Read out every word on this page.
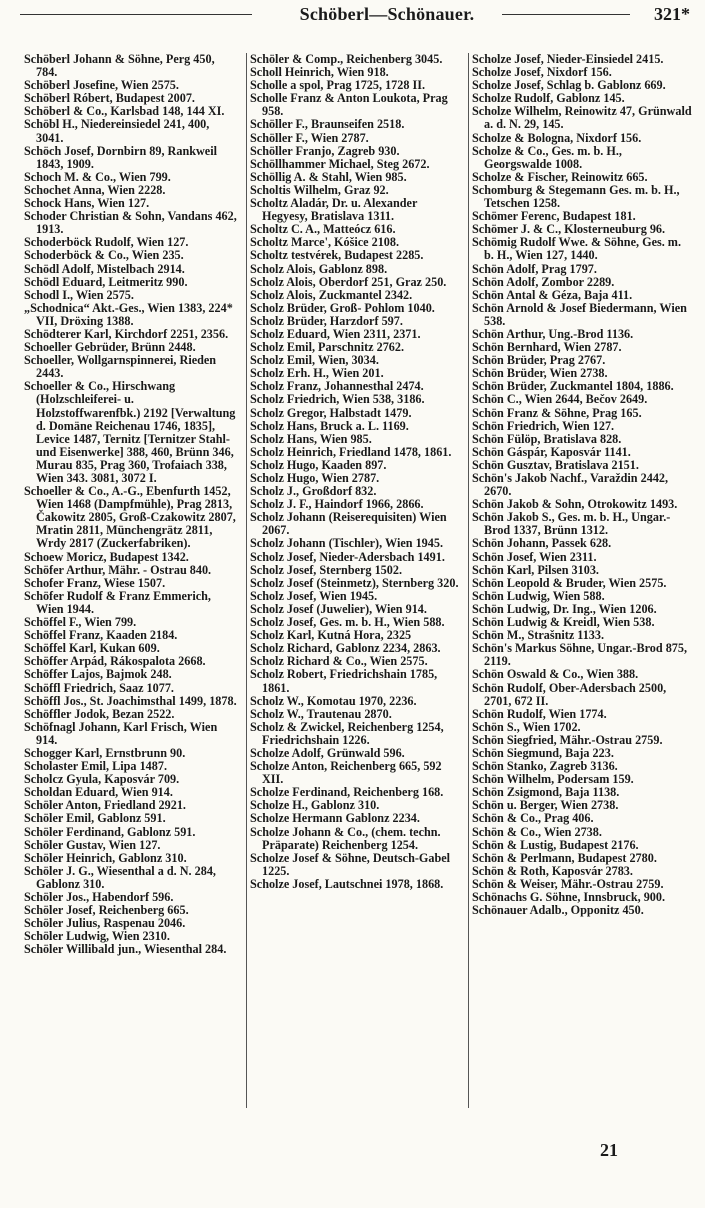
Schöberl—Schönauer.	321*

Schöberl Johann & Söhne, Perg 450, 784.

Schöberl Josefine, Wien 2575.

Schöberl Róbert, Budapest 2007.

Schöberl & Co., Karlsbad 148, 144 XI.

Schöbl H., Niedereinsiedel 241, 400, 3041.

Schöch Josef, Dornbirn 89, Rankweil 1843, 1909.

Schoch M. & Co., Wien 799.

Schochet Anna, Wien 2228.

Schock Hans, Wien 127.

Schoder Christian & Sohn, Vandans 462, 1913.

Schoderböck Rudolf, Wien 127.

Schoderböck & Co., Wien 235.

Schödl Adolf, Mistelbach 2914.

Schödl Eduard, Leitmeritz 990.

Schodl I., Wien 2575.

„Schodnica“ Akt.-Ges., Wien 1383, 224* VII, Dröxing 1388.

Schödterer Karl, Kirchdorf 2251, 2356.

Schoeller Gebrüder, Brünn 2448.

Schoeller, Wollgarnspinnerei, Rieden 2443.

Schoeller & Co., Hirschwang (Holzschleiferei- u. Holzstoffwarenfbk.) 2192 [Verwaltung d. Domäne Reichenau 1746, 1835], Levice 1487, Ternitz [Ternitzer Stahl- und Eisenwerke] 388, 460, Brünn 346, Murau 835, Prag 360, Trofaiach 338, Wien 343. 3081, 3072 I.

Schoeller & Co., A.-G., Ebenfurth 1452, Wien 1468 (Dampfmühle), Prag 2813, Čakowitz 2805, Groß-Czakowitz 2807, Mratin 2811, Münchengrätz 2811, Wrdy 2817 (Zuckerfabriken).

Schoew Moricz, Budapest 1342.

Schöfer Arthur, Mähr. - Ostrau 840.

Schofer Franz, Wiese 1507.

Schöfer Rudolf & Franz Emmerich, Wien 1944.

Schöffel F., Wien 799.

Schöffel Franz, Kaaden 2184.

Schöffel Karl, Kukan 609.

Schöffer Arpád, Rákospalota 2668.

Schöffer Lajos, Bajmok 248.

Schöffl Friedrich, Saaz 1077.

Schöffl Jos., St. Joachimsthal 1499, 1878.

Schöffler Jodok, Bezan 2522.

Schöfnagl Johann, Karl Frisch, Wien 914.

Schogger Karl, Ernstbrunn 90.

Scholaster Emil, Lipa 1487.

Scholcz Gyula, Kaposvár 709.

Scholdan Eduard, Wien 914.

Schöler Anton, Friedland 2921.

Schöler Emil, Gablonz 591.

Schöler Ferdinand, Gablonz 591.

Schöler Gustav, Wien 127.

Schöler Heinrich, Gablonz 310.

Schöler J. G., Wiesenthal a d. N. 284, Gablonz 310.

Schöler Jos., Habendorf 596.

Schöler Josef, Reichenberg 665.

Schöler Julius, Raspenau 2046.

Schöler Ludwig, Wien 2310.

Schöler Willibald jun., Wiesenthal 284.

Schöler & Comp., Reichenberg 3045.

Scholl Heinrich, Wien 918.

Scholle a spol, Prag 1725, 1728 II.

Scholle Franz & Anton Loukota, Prag 958.

Schöller F., Braunseifen 2518.

Schöller F., Wien 2787.

Schöller Franjo, Zagreb 930.

Schöllhammer Michael, Steg 2672.

Schöllig A. & Stahl, Wien 985.

Scholtis Wilhelm, Graz 92.

Scholtz Aladár, Dr. u. Alexander Hegyesy, Bratislava 1311.

Scholtz C. A., Matteócz 616.

Scholtz Marce', Kóšice 2108.

Scholtz testvérek, Budapest 2285.

Scholz Alois, Gablonz 898.

Scholz Alois, Oberdorf 251, Graz 250.

Scholz Alois, Zuckmantel 2342.

Scholz Brüder, Groß- Pohlom 1040.

Scholz Brüder, Harzdorf 597.

Scholz Eduard, Wien 2311, 2371.

Scholz Emil, Parschnitz 2762.

Scholz Emil, Wien, 3034.

Scholz Erh. H., Wien 201.

Scholz Franz, Johannesthal 2474.

Scholz Friedrich, Wien 538, 3186.

Scholz Gregor, Halbstadt 1479.

Scholz Hans, Bruck a. L. 1169.

Scholz Hans, Wien 985.

Scholz Heinrich, Friedland 1478, 1861.

Scholz Hugo, Kaaden 897.

Scholz Hugo, Wien 2787.

Scholz J., Großdorf 832.

Scholz J. F., Haindorf 1966, 2866.

Scholz Johann (Reiserequisiten) Wien 2067.

Scholz Johann (Tischler), Wien 1945.

Scholz Josef, Nieder-Adersbach 1491.

Scholz Josef, Sternberg 1502.

Scholz Josef (Steinmetz), Sternberg 320.

Scholz Josef, Wien 1945.

Scholz Josef (Juwelier), Wien 914.

Scholz Josef, Ges. m. b. H., Wien 588.

Scholz Karl, Kutná Hora, 2325

Scholz Richard, Gablonz 2234, 2863.

Scholz Richard & Co., Wien 2575.

Scholz Robert, Friedrichshain 1785, 1861.

Scholz W., Komotau 1970, 2236.

Scholz W., Trautenau 2870.

Scholz & Zwickel, Reichenberg 1254, Friedrichshain 1226.

Scholze Adolf, Grünwald 596.

Scholze Anton, Reichenberg 665, 592 XII.

Scholze Ferdinand, Reichenberg 168.

Scholze H., Gablonz 310.

Scholze Hermann Gablonz 2234.

Scholze Johann & Co., (chem. techn. Präparate) Reichenberg 1254.

Scholze Josef & Söhne, Deutsch-Gabel 1225.

Scholze Josef, Lautschnei 1978, 1868.

Scholze Josef, Nieder-Einsiedel 2415.

Scholze Josef, Nixdorf 156.

Scholze Josef, Schlag b. Gablonz 669.

Scholze Rudolf, Gablonz 145.

Scholze Wilhelm, Reinowitz 47, Grünwald a. d. N. 29, 145.

Scholze & Bologna, Nixdorf 156.

Scholze & Co., Ges. m. b. H., Georgswalde 1008.

Scholze & Fischer, Reinowitz 665.

Schomburg & Stegemann Ges. m. b. H., Tetschen 1258.

Schömer Ferenc, Budapest 181.

Schömer J. & C., Klosterneuburg 96.

Schömig Rudolf Wwe. & Söhne, Ges. m. b. H., Wien 127, 1440.

Schön Adolf, Prag 1797.

Schön Adolf, Zombor 2289.

Schön Antal & Géza, Baja 411.

Schön Arnold & Josef Biedermann, Wien 538.

Schön Arthur, Ung.-Brod 1136.

Schön Bernhard, Wien 2787.

Schön Brüder, Prag 2767.

Schön Brüder, Wien 2738.

Schön Brüder, Zuckmantel 1804, 1886.

Schön C., Wien 2644, Bečov 2649.

Schön Franz & Söhne, Prag 165.

Schön Friedrich, Wien 127.

Schön Fülöp, Bratislava 828.

Schön Gáspár, Kaposvár 1141.

Schön Gusztav, Bratislava 2151.

Schön's Jakob Nachf., Varaždin 2442, 2670.

Schön Jakob & Sohn, Otrokowitz 1493.

Schön Jakob S., Ges. m. b. H., Ungar.-Brod 1337, Brünn 1312.

Schön Johann, Passek 628.

Schön Josef, Wien 2311.

Schön Karl, Pilsen 3103.

Schön Leopold & Bruder, Wien 2575.

Schön Ludwig, Wien 588.

Schön Ludwig, Dr. Ing., Wien 1206.

Schön Ludwig & Kreidl, Wien 538.

Schön M., Strašnitz 1133.

Schön's Markus Söhne, Ungar.-Brod 875, 2119.

Schön Oswald & Co., Wien 388.

Schön Rudolf, Ober-Adersbach 2500, 2701, 672 II.

Schön Rudolf, Wien 1774.

Schön S., Wien 1702.

Schön Siegfried, Mähr.-Ostrau 2759.

Schön Siegmund, Baja 223.

Schön Stanko, Zagreb 3136.

Schön Wilhelm, Podersam 159.

Schön Zsigmond, Baja 1138.

Schön u. Berger, Wien 2738.

Schön & Co., Prag 406.

Schön & Co., Wien 2738.

Schön & Lustig, Budapest 2176.

Schön & Perlmann, Budapest 2780.

Schön & Roth, Kaposvár 2783.

Schön & Weiser, Mähr.-Ostrau 2759.

Schönachs G. Söhne, Innsbruck, 900.

Schönauer Adalb., Opponitz 450.

21
